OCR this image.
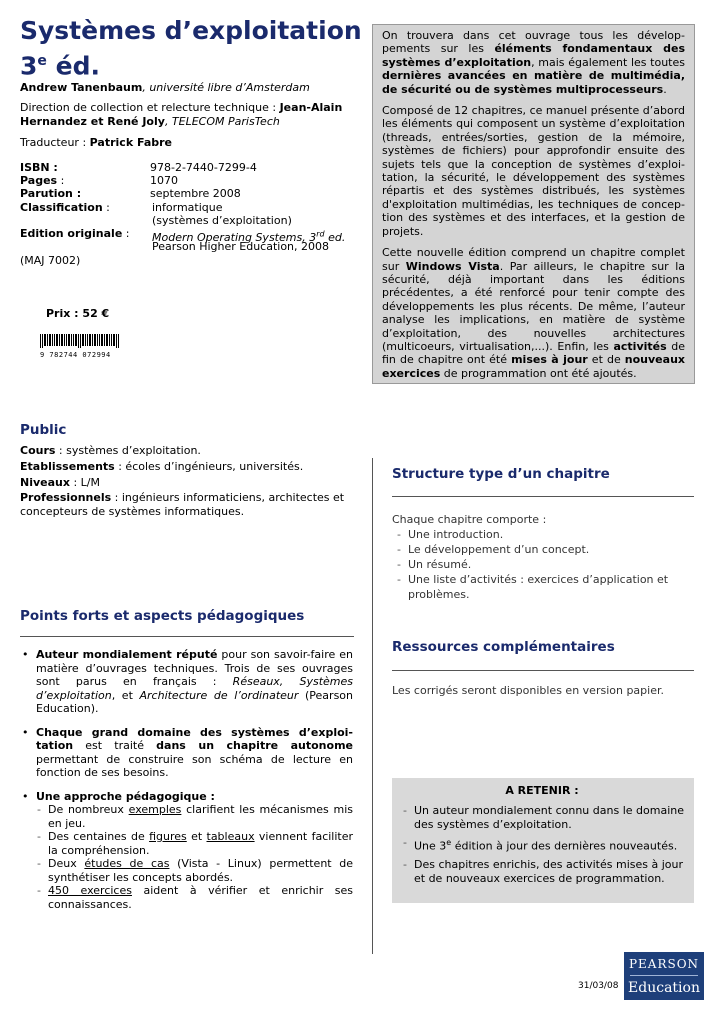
Systèmes d’exploitation
3e éd.
Andrew Tanenbaum, université libre d’Amsterdam
Direction de collection et relecture technique : Jean-Alain Hernandez et René Joly, TELECOM ParisTech
Traducteur : Patrick Fabre
ISBN :	978-2-7440-7299-4
Pages :	1070
Parution :	septembre 2008
Classification :	informatique
(systèmes d’exploitation)
Edition originale : Modern Operating Systems, 3rd ed.
Pearson Higher Education, 2008
(MAJ 7002)
Prix : 52 €
9 782744 072994

On trouvera dans cet ouvrage tous les dévelop-pements sur les éléments fondamentaux des systèmes d’exploitation, mais également les toutes dernières avancées en matière de multimédia, de sécurité ou de systèmes multiprocesseurs.

Composé de 12 chapitres, ce manuel présente d’abord les éléments qui composent un système d’exploitation (threads, entrées/sorties, gestion de la mémoire, systèmes de fichiers) pour approfondir ensuite des sujets tels que la conception de systèmes d’exploi-tation, la sécurité, le développement des systèmes répartis et des systèmes distribués, les systèmes d'exploitation multimédias, les techniques de concep-tion des systèmes et des interfaces, et la gestion de projets.

Cette nouvelle édition comprend un chapitre complet sur Windows Vista. Par ailleurs, le chapitre sur la sécurité, déjà important dans les éditions précédentes, a été renforcé pour tenir compte des développements les plus récents. De même, l’auteur analyse les implications, en matière de système d’exploitation, des nouvelles architectures (multicoeurs, virtualisation,...). Enfin, les activités de fin de chapitre ont été mises à jour et de nouveaux exercices de programmation ont été ajoutés.

Public
Cours : systèmes d’exploitation.
Etablissements : écoles d’ingénieurs, universités.
Niveaux : L/M
Professionnels : ingénieurs informaticiens, architectes et concepteurs de systèmes informatiques.
Points forts et aspects pédagogiques
• Auteur mondialement réputé pour son savoir-faire en matière d’ouvrages techniques. Trois de ses ouvrages sont parus en français : Réseaux, Systèmes d’exploitation, et Architecture de l’ordinateur (Pearson Education).
• Chaque grand domaine des systèmes d’exploi-tation est traité dans un chapitre autonome permettant de construire son schéma de lecture en fonction de ses besoins.
• Une approche pédagogique :
- De nombreux exemples clarifient les mécanismes mis en jeu.
- Des centaines de figures et tableaux viennent faciliter la compréhension.
- Deux études de cas (Vista - Linux) permettent de synthétiser les concepts abordés.
- 450 exercices aident à vérifier et enrichir ses connaissances.
Structure type d’un chapitre
Chaque chapitre comporte :
- Une introduction.
- Le développement d’un concept.
- Un résumé.
- Une liste d’activités : exercices d’application et problèmes.
Ressources complémentaires
Les corrigés seront disponibles en version papier.
A RETENIR :
- Un auteur mondialement connu dans le domaine des systèmes d’exploitation.
- Une 3e édition à jour des dernières nouveautés.
- Des chapitres enrichis, des activités mises à jour et de nouveaux exercices de programmation.
31/03/08
PEARSON
Education
